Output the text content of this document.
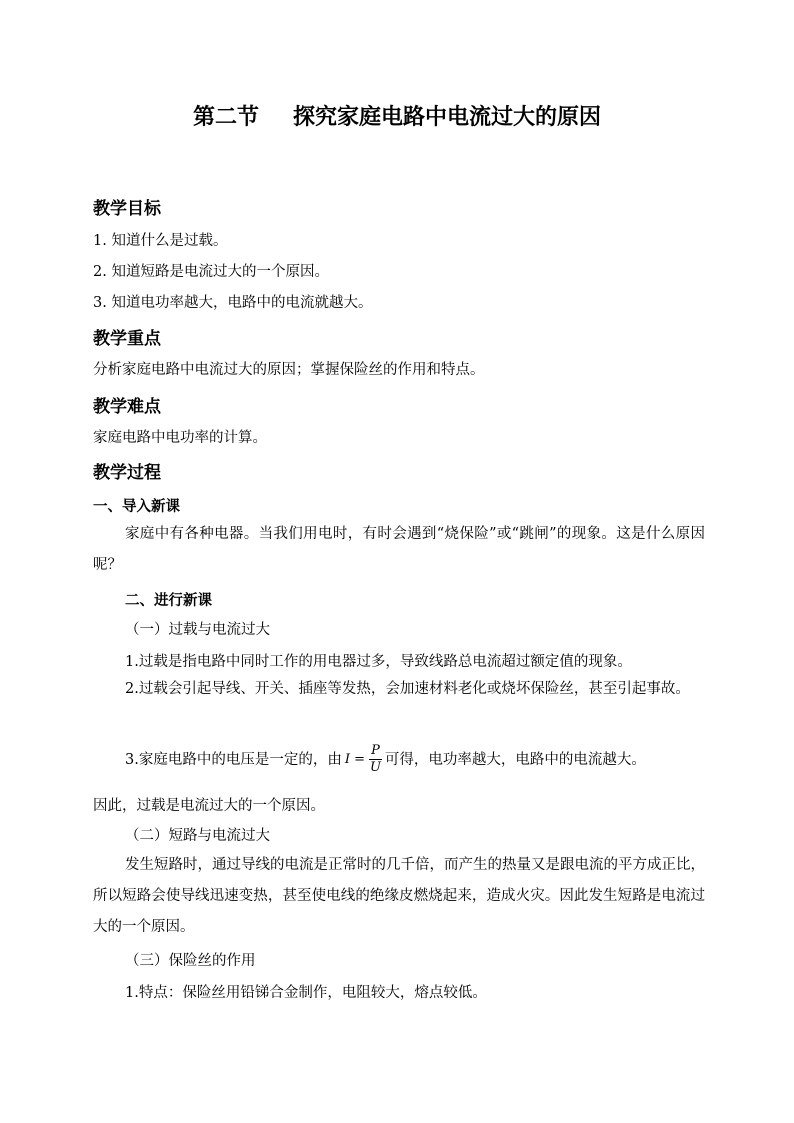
第二节 探究家庭电路中电流过大的原因
教学目标
1. 知道什么是过载。
2. 知道短路是电流过大的一个原因。
3. 知道电功率越大，电路中的电流就越大。
教学重点
分析家庭电路中电流过大的原因；掌握保险丝的作用和特点。
教学难点
家庭电路中电功率的计算。
教学过程
一、导入新课
家庭中有各种电器。当我们用电时，有时会遇到“烧保险”或“跳闸”的现象。这是什么原因呢？
二、进行新课
（一）过载与电流过大
1.过载是指电路中同时工作的用电器过多，导致线路总电流超过额定值的现象。
2.过载会引起导线、开关、插座等发热，会加速材料老化或烧坏保险丝，甚至引起事故。
3.家庭电路中的电压是一定的，由 $I = \frac{P}{U}$ 可得，电功率越大，电路中的电流越大。
因此，过载是电流过大的一个原因。
（二）短路与电流过大
发生短路时，通过导线的电流是正常时的几千倍，而产生的热量又是跟电流的平方成正比，所以短路会使导线迅速变热，甚至使电线的绝缘皮燃烧起来，造成火灾。因此发生短路是电流过大的一个原因。
（三）保险丝的作用
1.特点：保险丝用铅锑合金制作，电阻较大，熔点较低。
